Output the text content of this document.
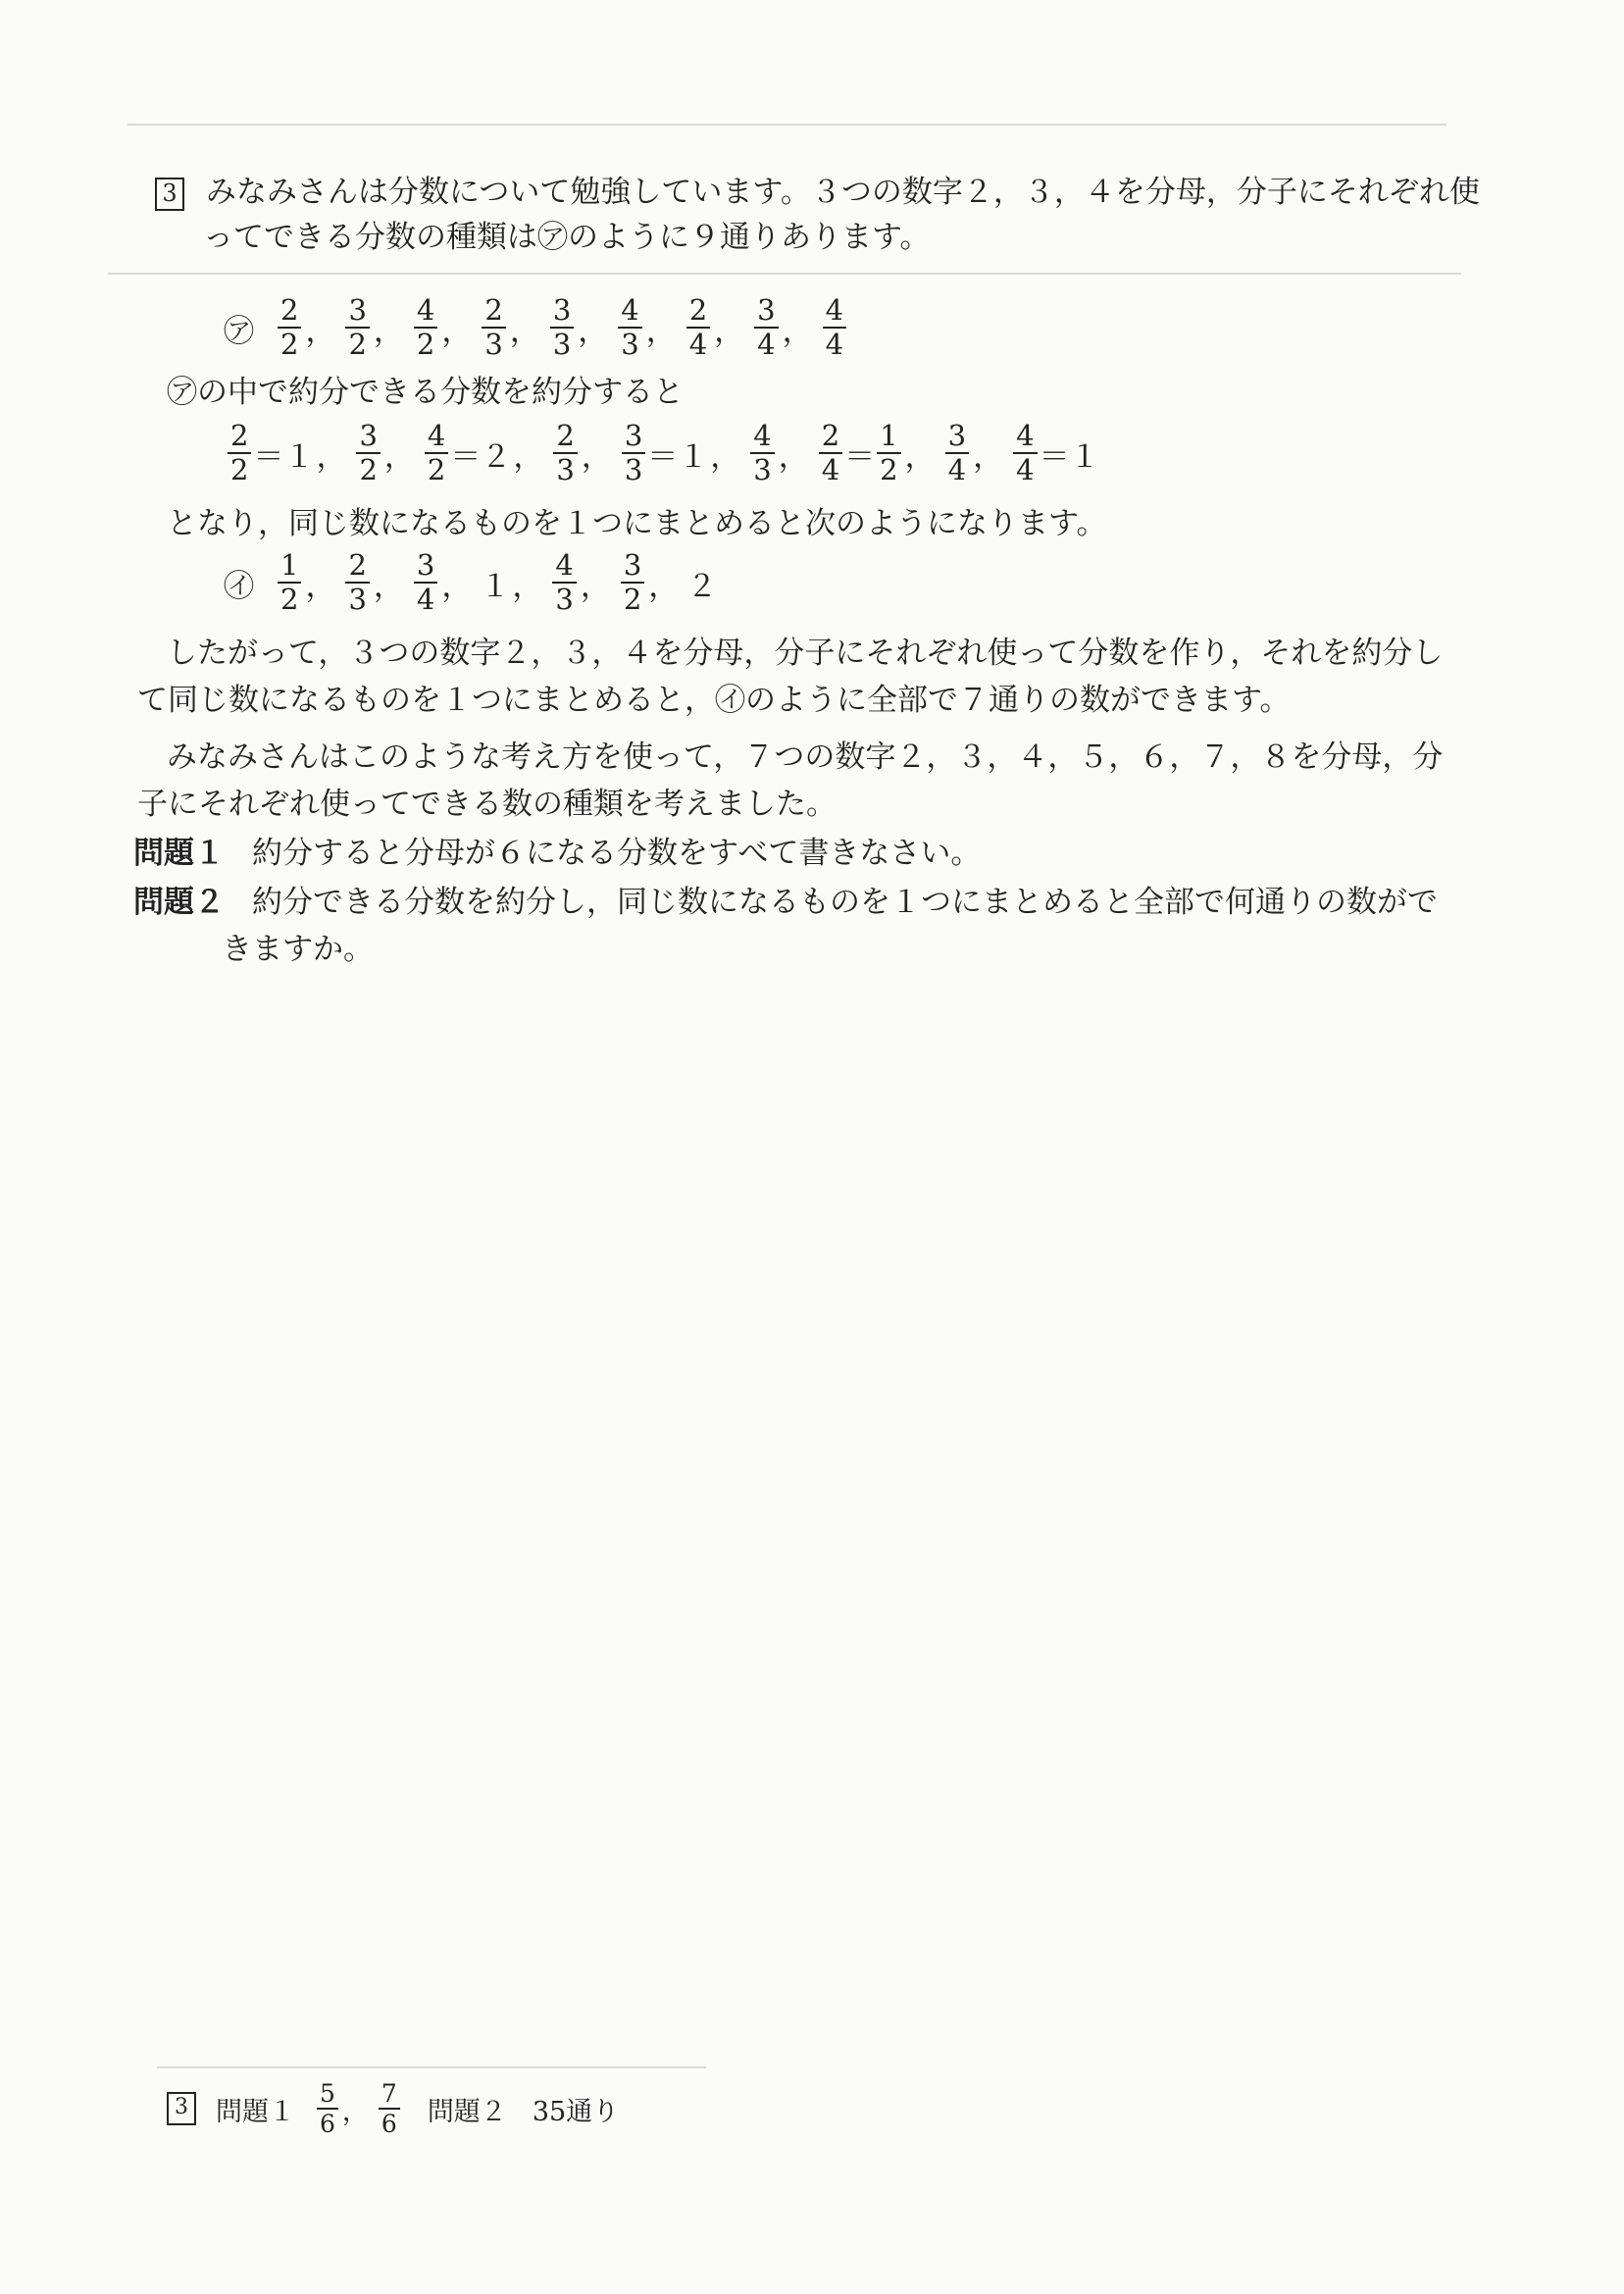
3 みなみさんは分数について勉強しています。３つの数字２，３，４を分母，分子にそれぞれ使
ってできる分数の種類は㋐のように９通りあります。
㋐ $\frac{2}{2}$ ， $\frac{3}{2}$ ， $\frac{4}{2}$ ， $\frac{2}{3}$ ， $\frac{3}{3}$ ， $\frac{4}{3}$ ， $\frac{2}{4}$ ， $\frac{3}{4}$ ， $\frac{4}{4}$
㋐の中で約分できる分数を約分すると
$\frac{2}{2} =1$ ， $\frac{3}{2}$ ， $\frac{4}{2} =2$ ， $\frac{2}{3}$ ， $\frac{3}{3} =1$ ， $\frac{4}{3}$ ， $\frac{2}{4} = \frac{1}{2}$ ， $\frac{3}{4}$ ， $\frac{4}{4} =1$
となり，同じ数になるものを１つにまとめると次のようになります。
㋑ $\frac{1}{2}$ ， $\frac{2}{3}$ ， $\frac{3}{4}$ ， １ ， $\frac{4}{3}$ ， $\frac{3}{2}$ ， ２
したがって，３つの数字２，３，４を分母，分子にそれぞれ使って分数を作り，それを約分し
て同じ数になるものを１つにまとめると，㋑のように全部で７通りの数ができます。
みなみさんはこのような考え方を使って，７つの数字２，３，４，５，６，７，８を分母，分
子にそれぞれ使ってできる数の種類を考えました。
問題１ 約分すると分母が６になる分数をすべて書きなさい。
問題２ 約分できる分数を約分し，同じ数になるものを１つにまとめると全部で何通りの数がで
きますか。
3 問題$1 \frac{5}{6}$ ， $\frac{7}{6}$ 問題２ 35通り
